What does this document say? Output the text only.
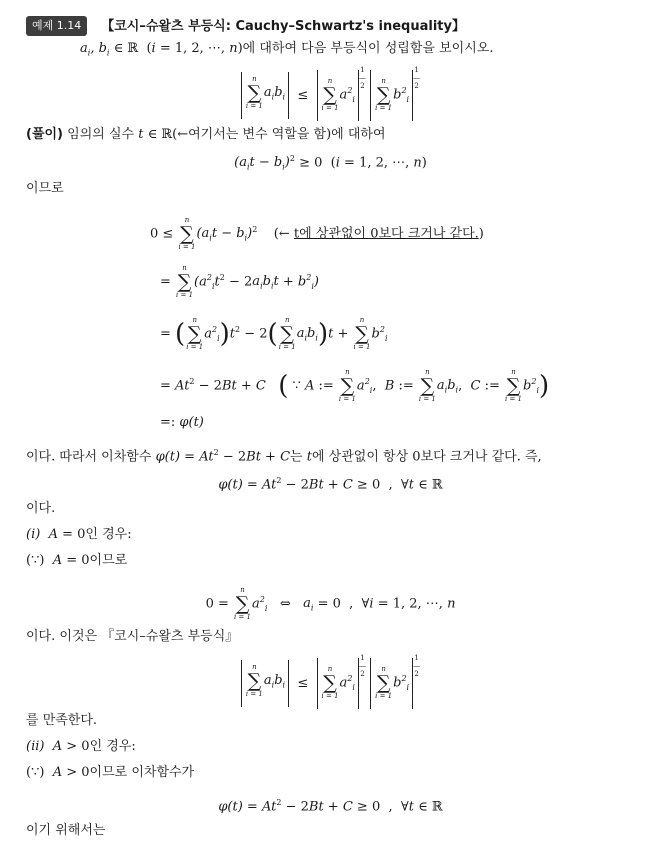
예제 1.14 【코시–슈왈츠 부등식: Cauchy–Schwartz's inequality】
$a_i$, $b_i$ ∈ ℝ  (i = 1, 2, ⋯, n)에 대하여 다음 부등식이 성립함을 보이시오.
n
∑
i = 1
$a_ib_i$  ≤
n
∑
i = 1
$a^2_i$
1
—
2

n
∑
i = 1
$b^2_i$
1
—
2
(풀이) 임의의 실수 t ∈ ℝ(←여기서는 변수 역할을 함)에 대하여
$(a_it - b_i)^2 \ge 0$  (i = 1, 2, ⋯, n)
이므로
0 ≤
n
∑
i = 1
$(a_it - b_i)^2$    (← t에 상관없이 0보다 크거나 같다.)
=
n
∑
i = 1
$(a^2_it^2 - 2a_ib_it + b^2_i)$
= (	n
∑
i = 1
$a^2_i)t^2 - 2$(	n
∑
i = 1
$a_ib_i)t$ +
n
∑
i = 1
$b^2_i$
= $At^2 - 2Bt + C$ ( ∵ A :=
n
∑
i = 1
$a^2_i$,  B :=
n
∑
i = 1
$a_ib_i$,  C :=
n
∑
i = 1
$b^2_i$)
=: φ(t)
이다. 따라서 이차함수 $\varphi(t) = At^2 - 2Bt + C$는 t에 상관없이 항상 0보다 크거나 같다. 즉,
$\varphi(t) = At^2 - 2Bt + C \ge 0$  ,  ∀t ∈ ℝ
이다.
(i) A = 0인 경우:
(∵)  A = 0이므로
0 =
n
∑
i = 1
$a^2_i$   ⇔   $a_i = 0$  ,  ∀i = 1, 2, ⋯, n
이다. 이것은 『코시–슈왈츠 부등식』
n
∑
i = 1
$a_ib_i$  ≤
n
∑
i = 1
$a^2_i$
1
—
2

n
∑
i = 1
$b^2_i$
1
—
2
를 만족한다.
(ii) A > 0인 경우:
(∵)  A > 0이므로 이차함수가
$\varphi(t) = At^2 - 2Bt + C \ge 0$  ,  ∀t ∈ ℝ
이기 위해서는
